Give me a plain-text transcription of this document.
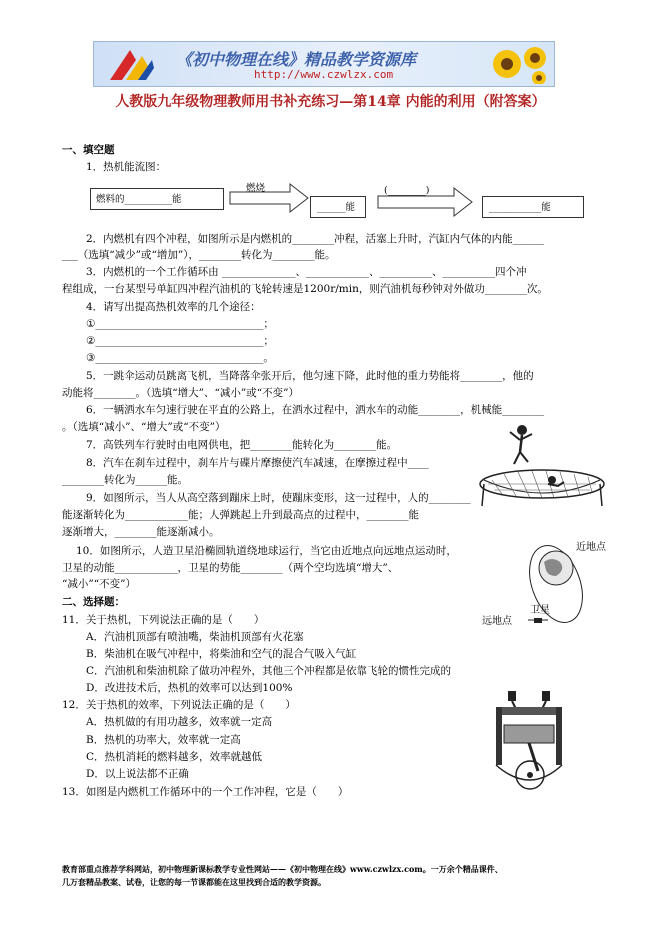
《初中物理在线》精品教学资源库
http://www.czwlzx.com
人教版九年级物理教师用书补充练习—第14章 内能的利用（附答案）
一、填空题
1．热机能流图：
燃料的__________能
燃烧
______能
(________)
___________能
2．内燃机有四个冲程，如图所示是内燃机的________冲程，活塞上升时，汽缸内气体的内能______
___（选填“减少”或“增加”），________转化为________能。
3．内燃机的一个工作循环由 ______________、____________、__________、__________四个冲
程组成，一台某型号单缸四冲程汽油机的飞轮转速是1200r/min，则汽油机每秒钟对外做功________次。
4．请写出提高热机效率的几个途径：
①________________________________；
②________________________________；
③________________________________。
5．一跳伞运动员跳离飞机，当降落伞张开后，他匀速下降，此时他的重力势能将________，他的
动能将________。（选填“增大”、“减小”或“不变”）
6．一辆洒水车匀速行驶在平直的公路上，在洒水过程中，洒水车的动能________，机械能________
。（选填“减小”、“增大”或“不变”）
7．高铁列车行驶时由电网供电，把________能转化为________能。
8．汽车在刹车过程中，刹车片与碟片摩擦使汽车减速，在摩擦过程中____
________转化为______能。
9．如图所示，当人从高空落到蹦床上时，使蹦床变形，这一过程中，人的________
能逐渐转化为____________能；人弹跳起上升到最高点的过程中，________能
逐渐增大，________能逐渐减小。
10．如图所示，人造卫星沿椭圆轨道绕地球运行，当它由近地点向远地点运动时，
卫星的动能____________，卫星的势能________（两个空均选填“增大”、
“减小”“不变”）
近地点
卫星
远地点
二、选择题：
11．关于热机，下列说法正确的是（　　）
A．汽油机顶部有喷油嘴，柴油机顶部有火花塞
B．柴油机在吸气冲程中，将柴油和空气的混合气吸入气缸
C．汽油机和柴油机除了做功冲程外，其他三个冲程都是依靠飞轮的惯性完成的
D．改进技术后，热机的效率可以达到100%
12．关于热机的效率，下列说法正确的是（　　）
A．热机做的有用功越多，效率就一定高
B．热机的功率大，效率就一定高
C．热机消耗的燃料越多，效率就越低
D．以上说法都不正确
13．如图是内燃机工作循环中的一个工作冲程，它是（　　）
教育部重点推荐学科网站，初中物理新课标教学专业性网站——《初中物理在线》www.czwlzx.com。一万余个精品课件、
几万套精品教案、试卷，让您的每一节课都能在这里找到合适的教学资源。
